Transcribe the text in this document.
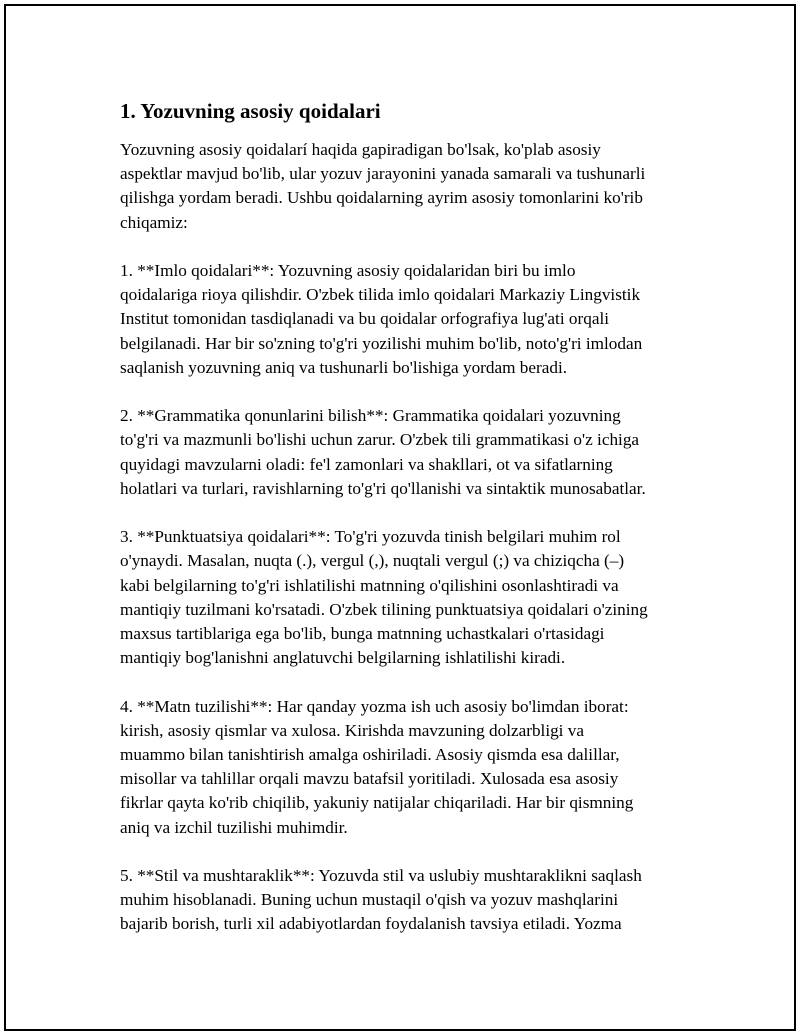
1. Yozuvning asosiy qoidalari

Yozuvning asosiy qoidalarí haqida gapiradigan bo'lsak, ko'plab asosiy
aspektlar mavjud bo'lib, ular yozuv jarayonini yanada samarali va tushunarli
qilishga yordam beradi. Ushbu qoidalarning ayrim asosiy tomonlarini ko'rib
chiqamiz:

1. **Imlo qoidalari**: Yozuvning asosiy qoidalaridan biri bu imlo
qoidalariga rioya qilishdir. O'zbek tilida imlo qoidalari Markaziy Lingvistik
Institut tomonidan tasdiqlanadi va bu qoidalar orfografiya lug'ati orqali
belgilanadi. Har bir so'zning to'g'ri yozilishi muhim bo'lib, noto'g'ri imlodan
saqlanish yozuvning aniq va tushunarli bo'lishiga yordam beradi.

2. **Grammatika qonunlarini bilish**: Grammatika qoidalari yozuvning
to'g'ri va mazmunli bo'lishi uchun zarur. O'zbek tili grammatikasi o'z ichiga
quyidagi mavzularni oladi: fe'l zamonlari va shakllari, ot va sifatlarning
holatlari va turlari, ravishlarning to'g'ri qo'llanishi va sintaktik munosabatlar.

3. **Punktuatsiya qoidalari**: To'g'ri yozuvda tinish belgilari muhim rol
o'ynaydi. Masalan, nuqta (.), vergul (,), nuqtali vergul (;) va chiziqcha (–)
kabi belgilarning to'g'ri ishlatilishi matnning o'qilishini osonlashtiradi va
mantiqiy tuzilmani ko'rsatadi. O'zbek tilining punktuatsiya qoidalari o'zining
maxsus tartiblariga ega bo'lib, bunga matnning uchastkalari o'rtasidagi
mantiqiy bog'lanishni anglatuvchi belgilarning ishlatilishi kiradi.

4. **Matn tuzilishi**: Har qanday yozma ish uch asosiy bo'limdan iborat:
kirish, asosiy qismlar va xulosa. Kirishda mavzuning dolzarbligi va
muammo bilan tanishtirish amalga oshiriladi. Asosiy qismda esa dalillar,
misollar va tahlillar orqali mavzu batafsil yoritiladi. Xulosada esa asosiy
fikrlar qayta ko'rib chiqilib, yakuniy natijalar chiqariladi. Har bir qismning
aniq va izchil tuzilishi muhimdir.

5. **Stil va mushtaraklik**: Yozuvda stil va uslubiy mushtaraklikni saqlash
muhim hisoblanadi. Buning uchun mustaqil o'qish va yozuv mashqlarini
bajarib borish, turli xil adabiyotlardan foydalanish tavsiya etiladi. Yozma
